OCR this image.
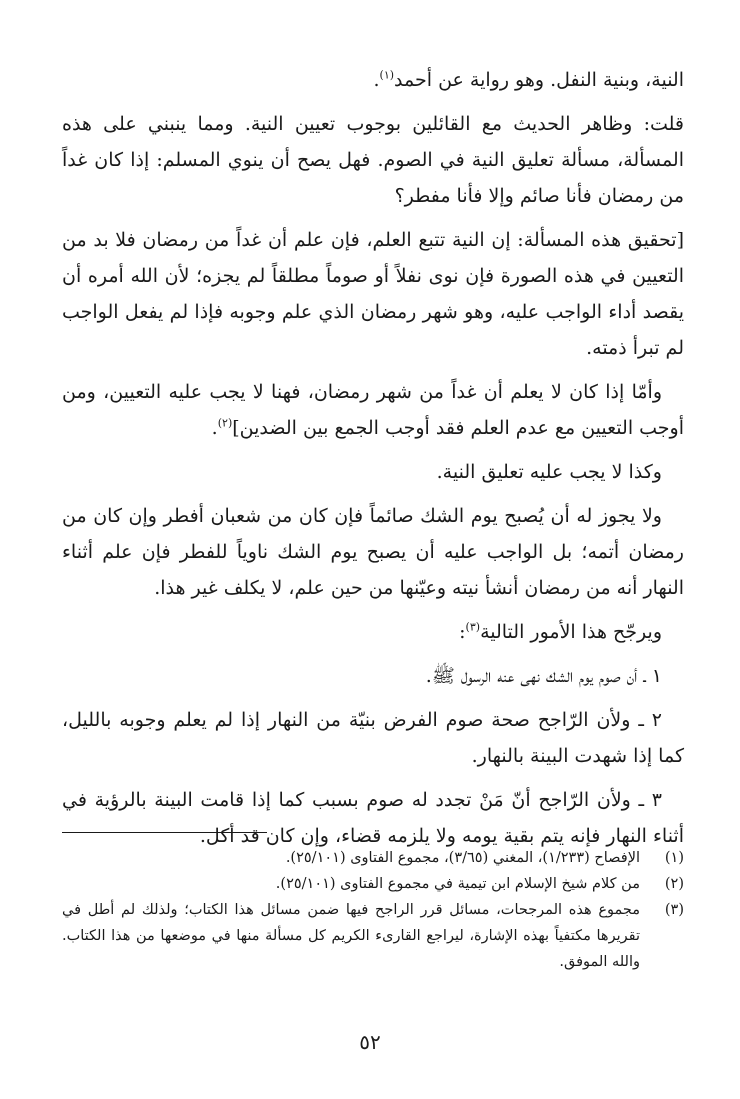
النية، وبنية النفل. وهو رواية عن أحمد$^{(١)}$.

قلت: وظاهر الحديث مع القائلين بوجوب تعيين النية. ومما ينبني على هذه المسألة، مسألة تعليق النية في الصوم. فهل يصح أن ينوي المسلم: إذا كان غداً من رمضان فأنا صائم وإلا فأنا مفطر؟

[تحقيق هذه المسألة: إن النية تتبع العلم، فإن علم أن غداً من رمضان فلا بد من التعيين في هذه الصورة فإن نوى نفلاً أو صوماً مطلقاً لم يجزه؛ لأن الله أمره أن يقصد أداء الواجب عليه، وهو شهر رمضان الذي علم وجوبه فإذا لم يفعل الواجب لم تبرأ ذمته.

وأمّا إذا كان لا يعلم أن غداً من شهر رمضان، فهنا لا يجب عليه التعيين، ومن أوجب التعيين مع عدم العلم فقد أوجب الجمع بين الضدين]$^{(٢)}$.

وكذا لا يجب عليه تعليق النية.

ولا يجوز له أن يُصبح يوم الشك صائماً فإن كان من شعبان أفطر وإن كان من رمضان أتمه؛ بل الواجب عليه أن يصبح يوم الشك ناوياً للفطر فإن علم أثناء النهار أنه من رمضان أنشأ نيته وعيّنها من حين علم، لا يكلف غير هذا.

ويرجّح هذا الأمور التالية$^{(٣)}$:

١ ـ أن صوم يوم الشك نهى عنه الرسول ﷺ.

٢ ـ ولأن الرّاجح صحة صوم الفرض بنيّة من النهار إذا لم يعلم وجوبه بالليل، كما إذا شهدت البينة بالنهار.

٣ ـ ولأن الرّاجح أنّ مَنْ تجدد له صوم بسبب كما إذا قامت البينة بالرؤية في أثناء النهار فإنه يتم بقية يومه ولا يلزمه قضاء، وإن كان قد أكل.

(١)
الإفصاح (١/٢٣٣)، المغني (٣/٦٥)، مجموع الفتاوى (٢٥/١٠١).
(٢)
من كلام شيخ الإسلام ابن تيمية في مجموع الفتاوى (٢٥/١٠١).
(٣)
مجموع هذه المرجحات، مسائل قرر الراجح فيها ضمن مسائل هذا الكتاب؛ ولذلك لم أطل في تقريرها مكتفياً بهذه الإشارة، ليراجع القارىء الكريم كل مسألة منها في موضعها من هذا الكتاب. والله الموفق.
٥٢
